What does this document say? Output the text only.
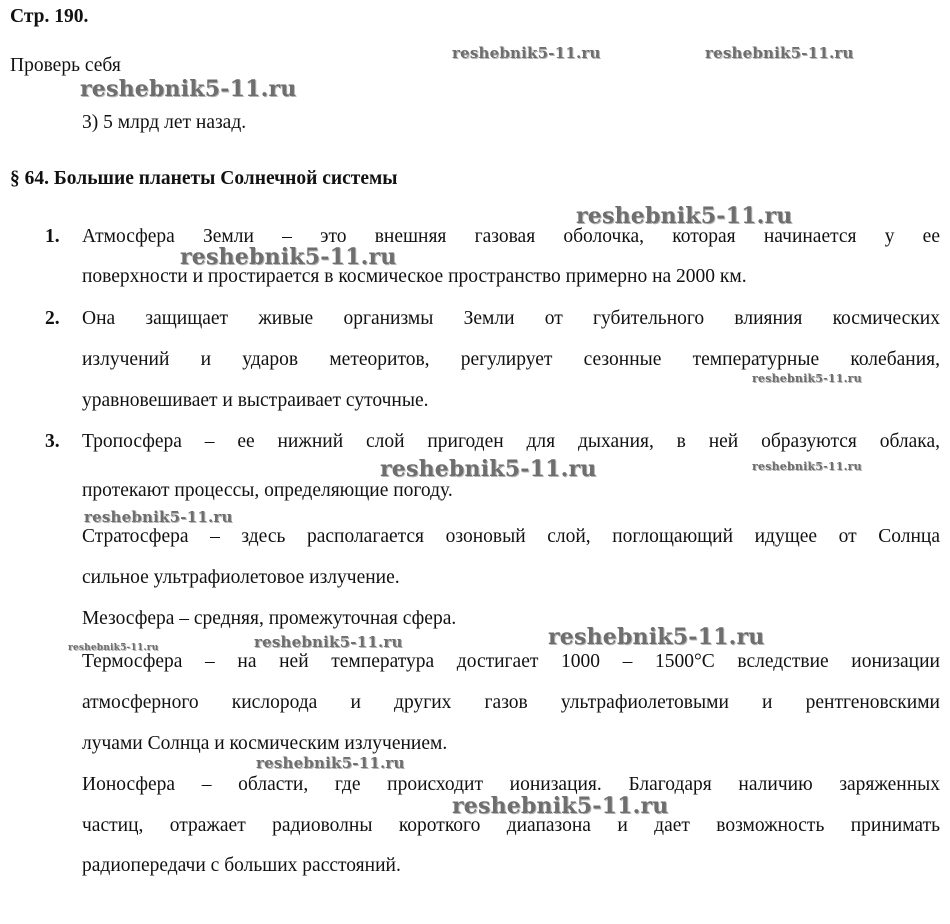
Стр. 190.
Проверь себя
3) 5 млрд лет назад.
§ 64. Большие планеты Солнечной системы
1. Атмосфера Земли – это внешняя газовая оболочка, которая начинается у ее
поверхности и простирается в космическое пространство примерно на 2000 км.
2. Она защищает живые организмы Земли от губительного влияния космических
излучений и ударов метеоритов, регулирует сезонные температурные колебания,
уравновешивает и выстраивает суточные.
3. Тропосфера – ее нижний слой пригоден для дыхания, в ней образуются облака,
протекают процессы, определяющие погоду.
Стратосфера – здесь располагается озоновый слой, поглощающий идущее от Солнца
сильное ультрафиолетовое излучение.
Мезосфера – средняя, промежуточная сфера.
Термосфера – на ней температура достигает 1000 – 1500°С вследствие ионизации
атмосферного кислорода и других газов ультрафиолетовыми и рентгеновскими
лучами Солнца и космическим излучением.
Ионосфера – области, где происходит ионизация. Благодаря наличию заряженных
частиц, отражает радиоволны короткого диапазона и дает возможность принимать
радиопередачи с больших расстояний.
reshebnik5-11.ru	reshebnik5-11.ru
reshebnik5-11.ru
reshebnik5-11.ru
reshebnik5-11.ru
reshebnik5-11.ru
reshebnik5-11.ru	reshebnik5-11.ru
reshebnik5-11.ru
reshebnik5-11.ru	reshebnik5-11.ru	reshebnik5-11.ru
reshebnik5-11.ru
reshebnik5-11.ru
